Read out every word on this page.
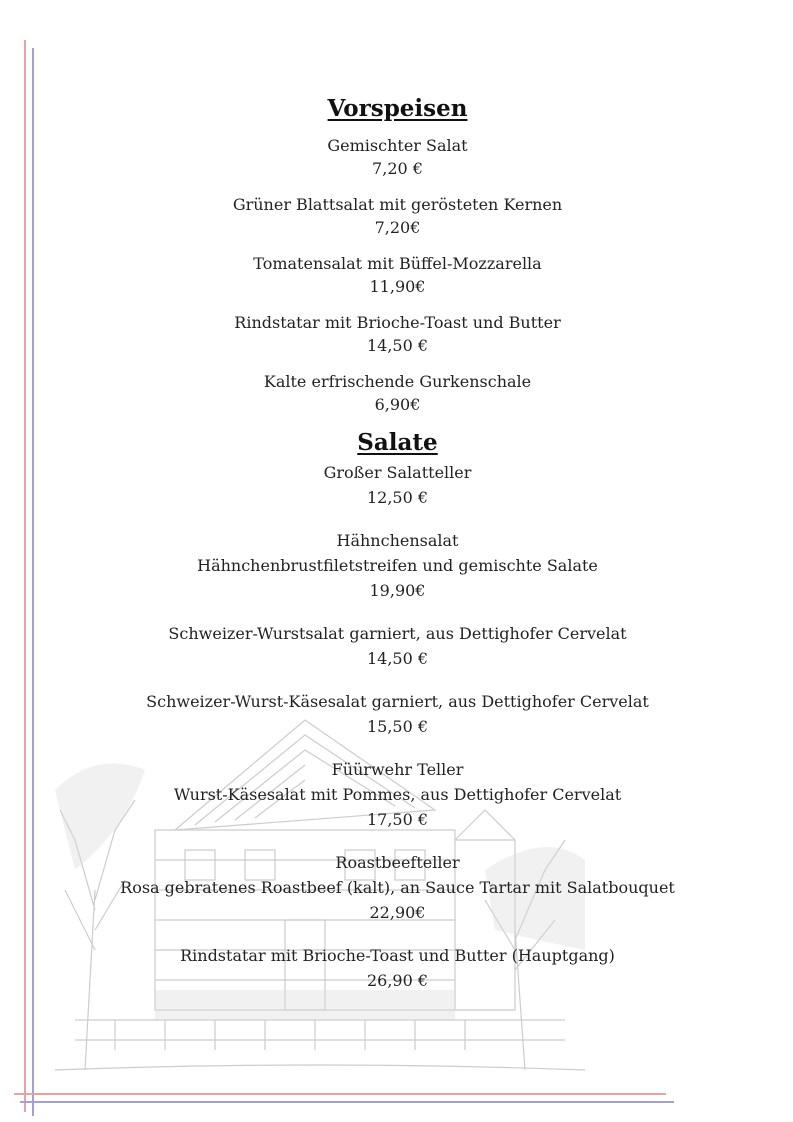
Vorspeisen
Gemischter Salat
7,20 €
Grüner Blattsalat mit gerösteten Kernen
7,20€
Tomatensalat mit Büffel-Mozzarella
11,90€
Rindstatar mit Brioche-Toast und Butter
14,50 €
Kalte erfrischende Gurkenschale
6,90€
Salate
Großer Salatteller
12,50 €
Hähnchensalat
Hähnchenbrustfiletstreifen und gemischte Salate
19,90€
Schweizer-Wurstsalat garniert, aus Dettighofer Cervelat
14,50 €
Schweizer-Wurst-Käsesalat garniert, aus Dettighofer Cervelat
15,50 €
Füürwehr Teller
Wurst-Käsesalat mit Pommes, aus Dettighofer Cervelat
17,50 €
Roastbeefteller
Rosa gebratenes Roastbeef (kalt), an Sauce Tartar mit Salatbouquet
22,90€
Rindstatar mit Brioche-Toast und Butter (Hauptgang)
26,90 €
